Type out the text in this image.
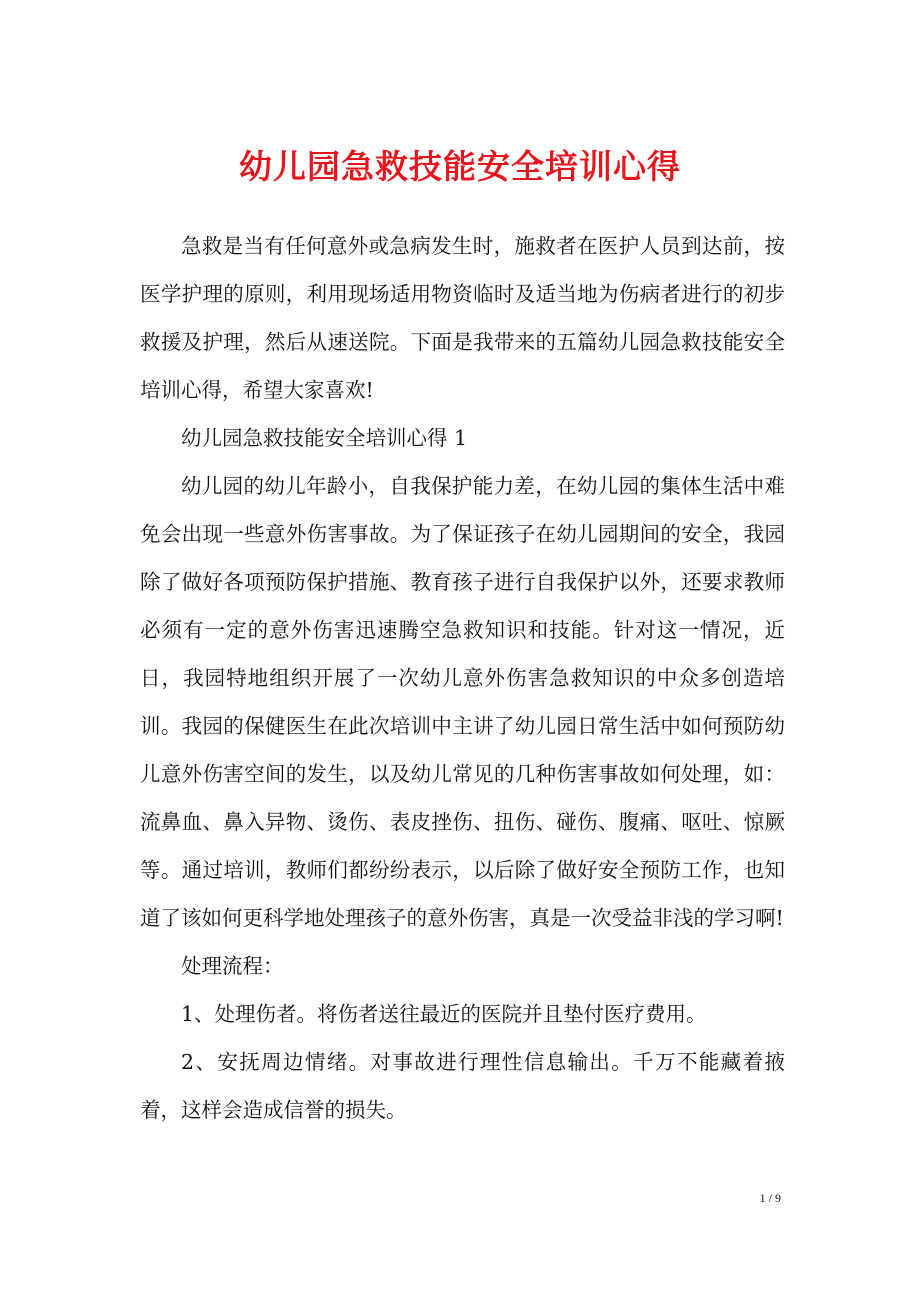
幼儿园急救技能安全培训心得

急救是当有任何意外或急病发生时，施救者在医护人员到达前，按医学护理的原则，利用现场适用物资临时及适当地为伤病者进行的初步救援及护理，然后从速送院。下面是我带来的五篇幼儿园急救技能安全培训心得，希望大家喜欢!

幼儿园急救技能安全培训心得 1

幼儿园的幼儿年龄小，自我保护能力差，在幼儿园的集体生活中难免会出现一些意外伤害事故。为了保证孩子在幼儿园期间的安全，我园除了做好各项预防保护措施、教育孩子进行自我保护以外，还要求教师必须有一定的意外伤害迅速腾空急救知识和技能。针对这一情况，近日，我园特地组织开展了一次幼儿意外伤害急救知识的中众多创造培训。我园的保健医生在此次培训中主讲了幼儿园日常生活中如何预防幼儿意外伤害空间的发生，以及幼儿常见的几种伤害事故如何处理，如：流鼻血、鼻入异物、烫伤、表皮挫伤、扭伤、碰伤、腹痛、呕吐、惊厥等。通过培训，教师们都纷纷表示，以后除了做好安全预防工作，也知道了该如何更科学地处理孩子的意外伤害，真是一次受益非浅的学习啊!

处理流程：

1、处理伤者。将伤者送往最近的医院并且垫付医疗费用。

2、安抚周边情绪。对事故进行理性信息输出。千万不能藏着掖着，这样会造成信誉的损失。

1 / 9
